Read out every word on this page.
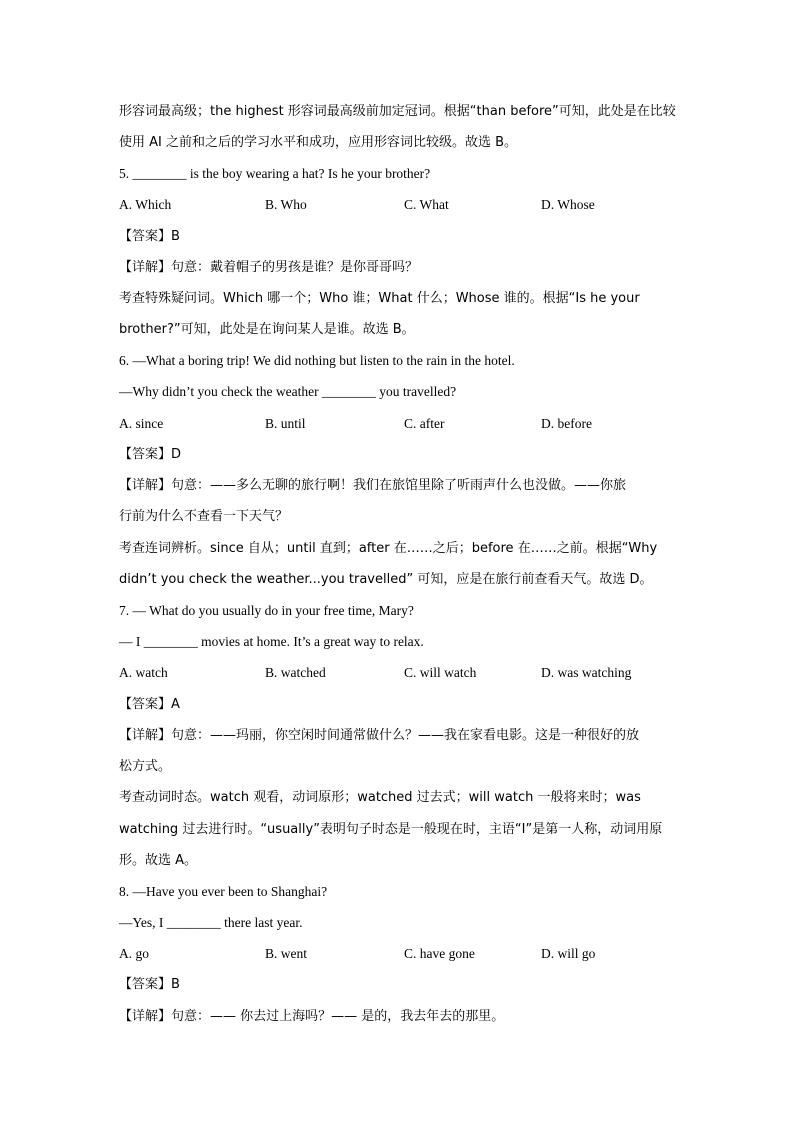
形容词最高级；the highest 形容词最高级前加定冠词。根据“than before”可知，此处是在比较
使用 AI 之前和之后的学习水平和成功，应用形容词比较级。故选 B。
5. ________ is the boy wearing a hat? Is he your brother?
A. Which	B. Who	C. What	D. Whose
【答案】B
【详解】句意：戴着帽子的男孩是谁？是你哥哥吗？
考查特殊疑问词。Which 哪一个；Who 谁；What 什么；Whose 谁的。根据“Is he your
brother?”可知，此处是在询问某人是谁。故选 B。
6. —What a boring trip! We did nothing but listen to the rain in the hotel.
—Why didn’t you check the weather ________ you travelled?
A. since	B. until	C. after	D. before
【答案】D
【详解】句意：——多么无聊的旅行啊！我们在旅馆里除了听雨声什么也没做。——你旅
行前为什么不查看一下天气？
考查连词辨析。since 自从；until 直到；after 在……之后；before 在……之前。根据“Why
didn’t you check the weather...you travelled” 可知，应是在旅行前查看天气。故选 D。
7. — What do you usually do in your free time, Mary?
— I ________ movies at home. It’s a great way to relax.
A. watch	B. watched	C. will watch	D. was watching
【答案】A
【详解】句意：——玛丽，你空闲时间通常做什么？——我在家看电影。这是一种很好的放
松方式。
考查动词时态。watch 观看，动词原形；watched 过去式；will watch 一般将来时；was
watching 过去进行时。“usually”表明句子时态是一般现在时，主语“I”是第一人称，动词用原
形。故选 A。
8. —Have you ever been to Shanghai?
—Yes, I ________ there last year.
A. go	B. went	C. have gone	D. will go
【答案】B
【详解】句意：—— 你去过上海吗？—— 是的，我去年去的那里。
